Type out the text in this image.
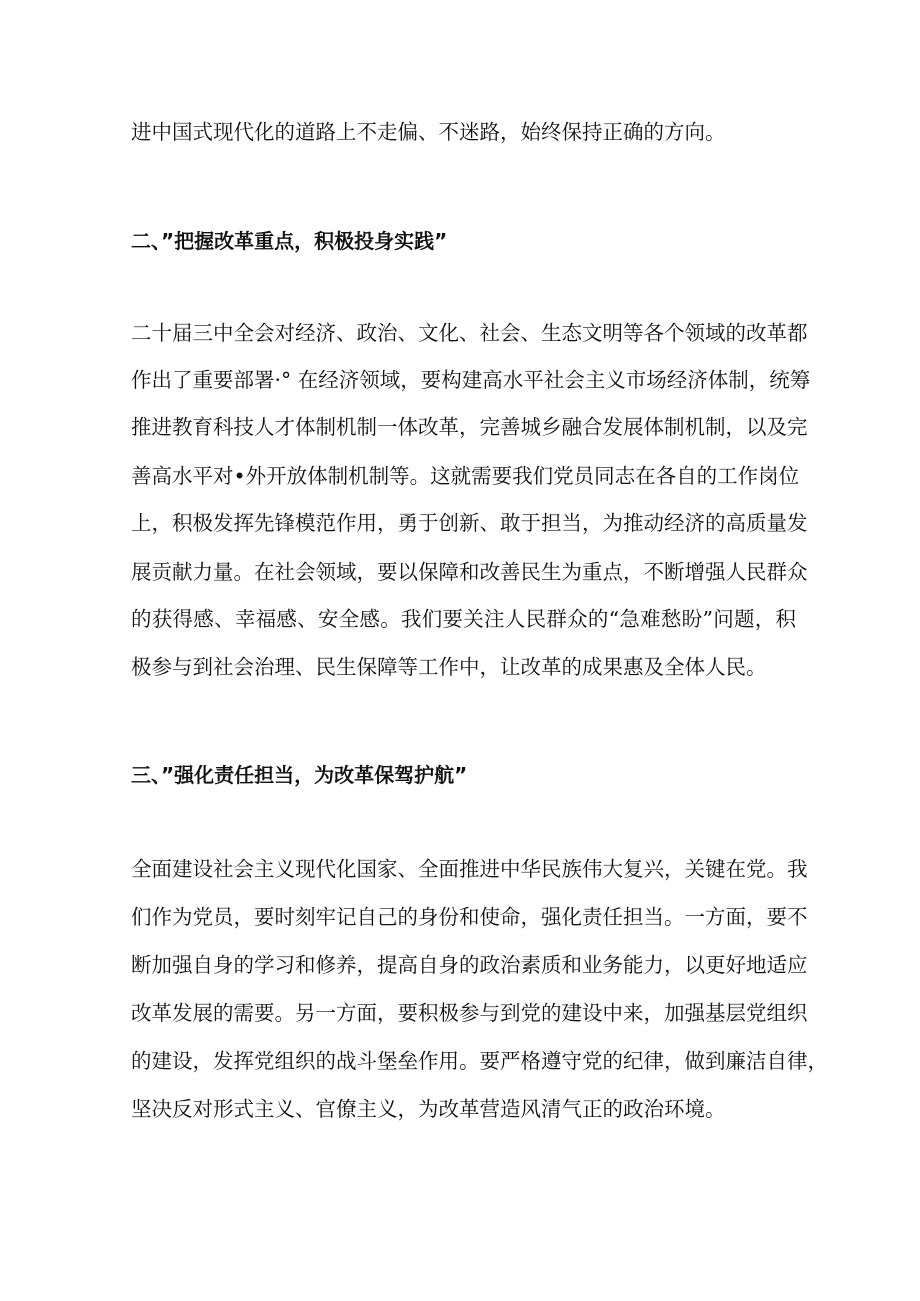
进中国式现代化的道路上不走偏、不迷路，始终保持正确的方向。
二、”把握改革重点，积极投身实践”
二十届三中全会对经济、政治、文化、社会、生态文明等各个领域的改革都
作出了重要部署·° 在经济领域，要构建高水平社会主义市场经济体制，统筹
推进教育科技人才体制机制一体改革，完善城乡融合发展体制机制，以及完
善高水平对•外开放体制机制等。这就需要我们党员同志在各自的工作岗位
上，积极发挥先锋模范作用，勇于创新、敢于担当，为推动经济的高质量发
展贡献力量。在社会领域，要以保障和改善民生为重点，不断增强人民群众
的获得感、幸福感、安全感。我们要关注人民群众的“急难愁盼”问题，积
极参与到社会治理、民生保障等工作中，让改革的成果惠及全体人民。
三、”强化责任担当，为改革保驾护航”
全面建设社会主义现代化国家、全面推进中华民族伟大复兴，关键在党。我
们作为党员，要时刻牢记自己的身份和使命，强化责任担当。一方面，要不
断加强自身的学习和修养，提高自身的政治素质和业务能力，以更好地适应
改革发展的需要。另一方面，要积极参与到党的建设中来，加强基层党组织
的建设，发挥党组织的战斗堡垒作用。要严格遵守党的纪律，做到廉洁自律，
坚决反对形式主义、官僚主义，为改革营造风清气正的政治环境。
